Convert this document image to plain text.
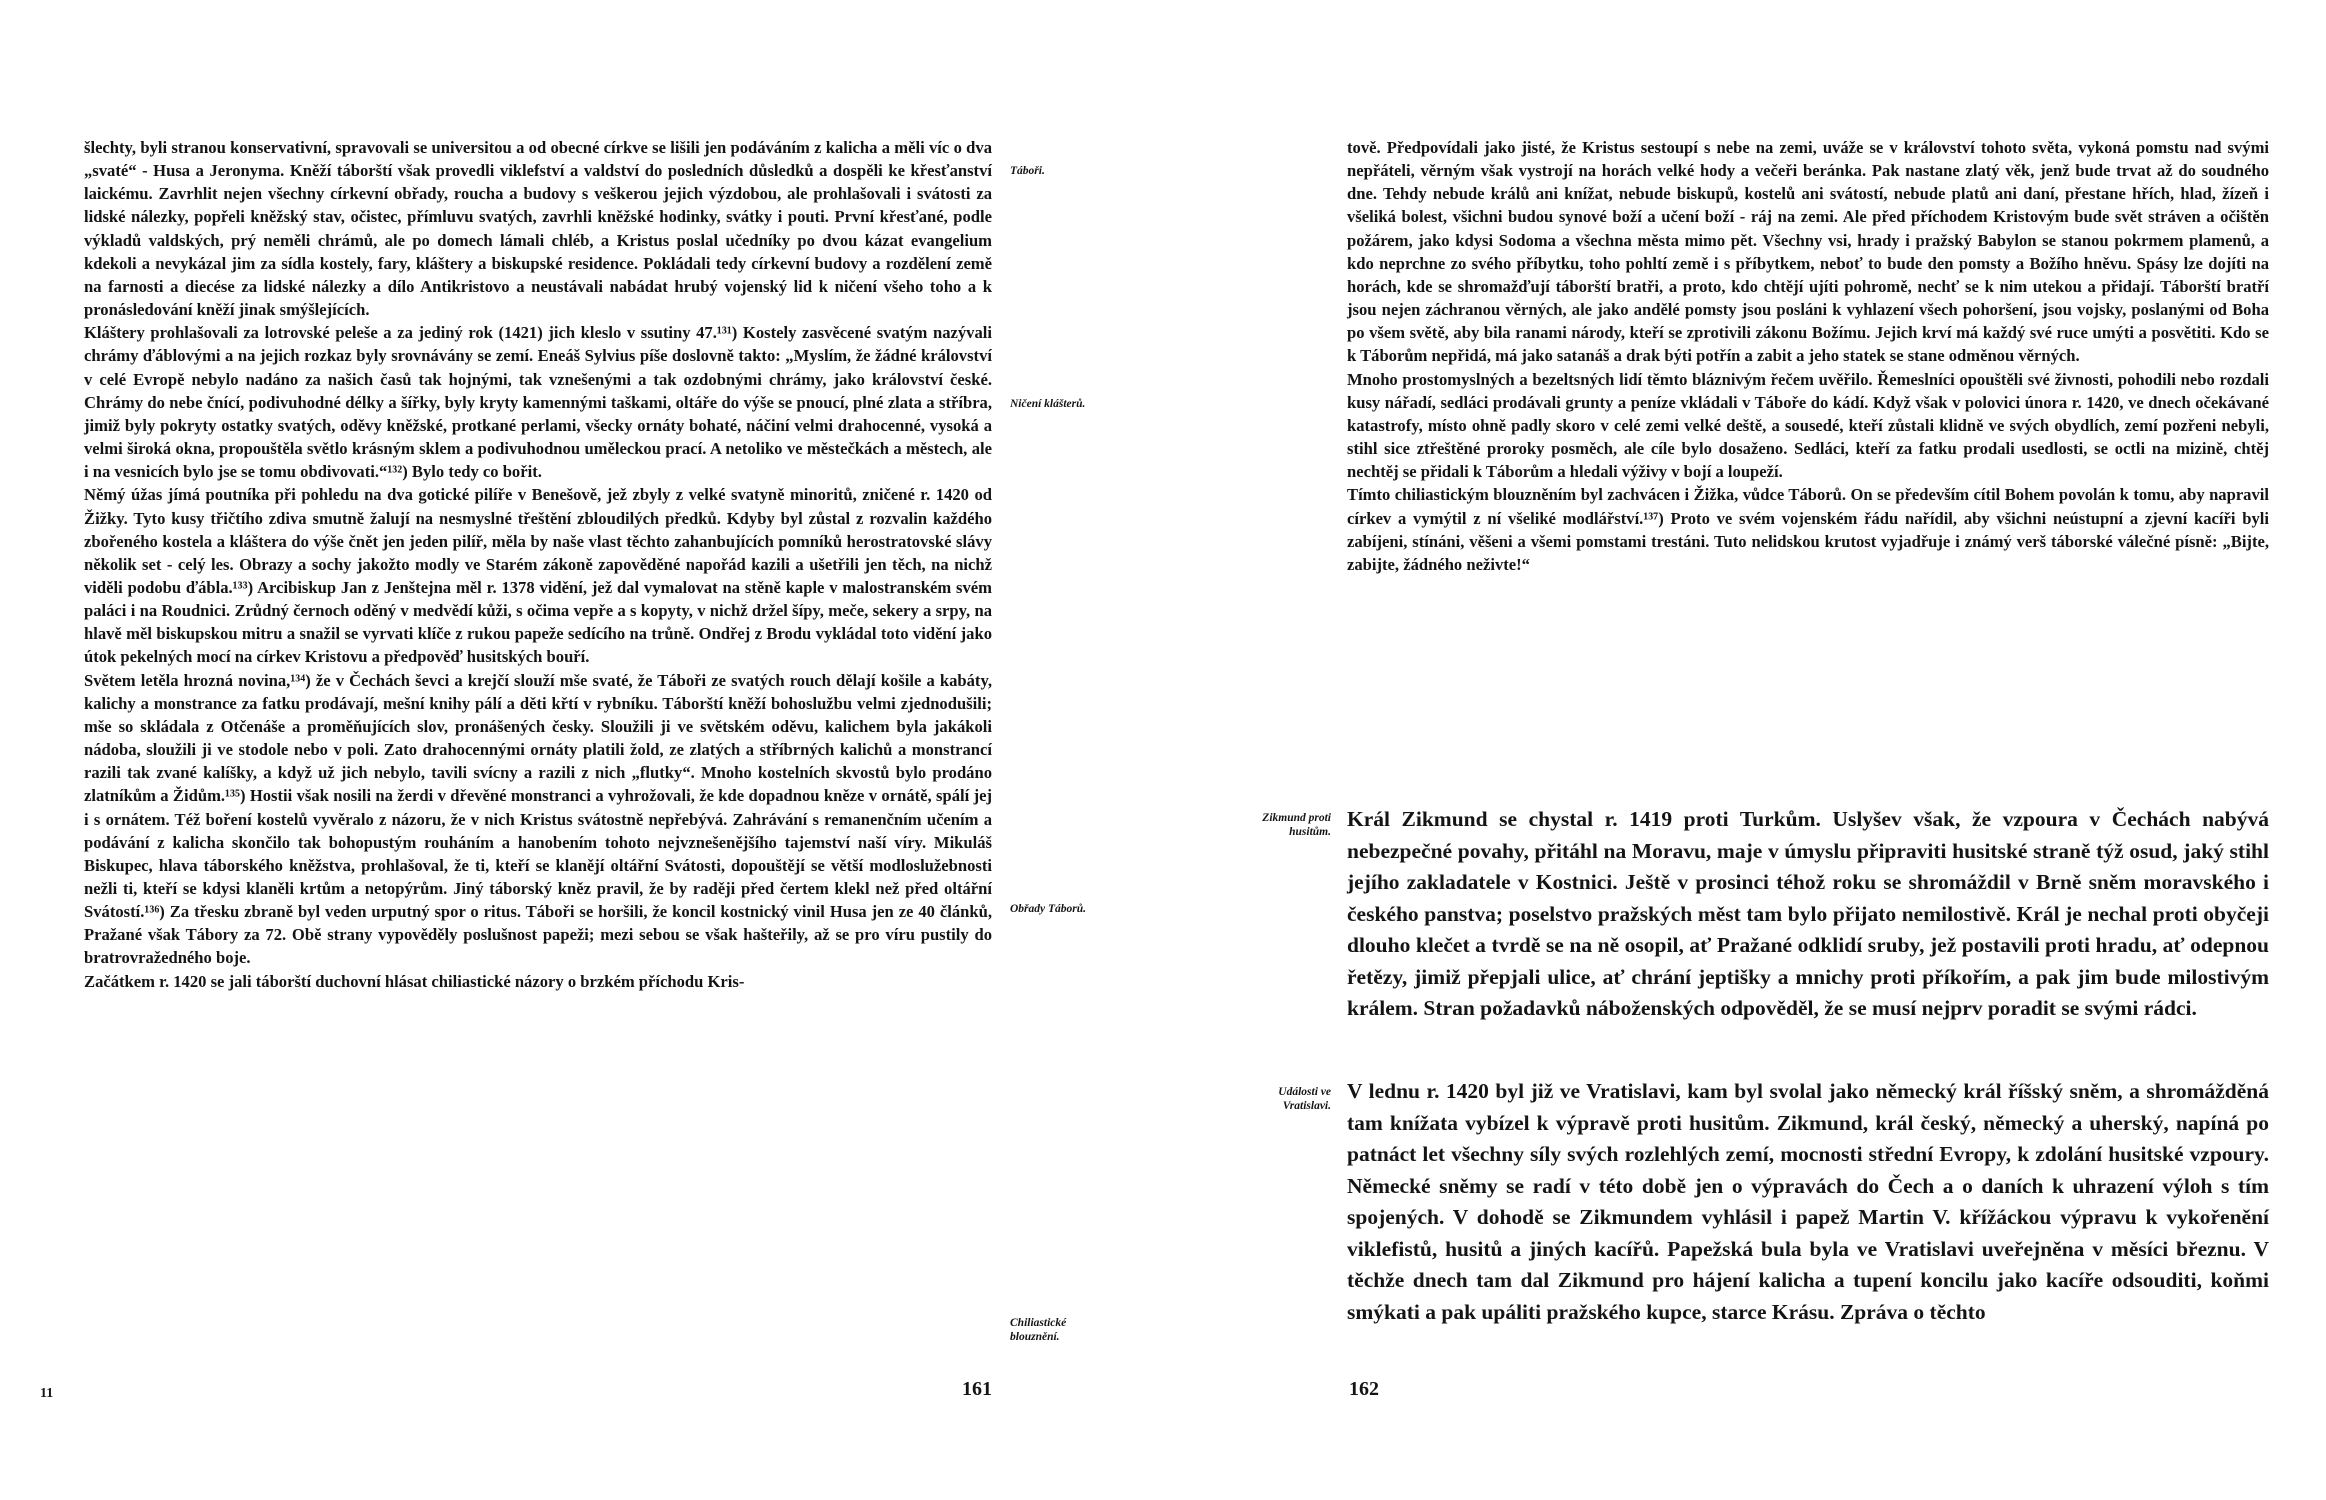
šlechty, byli stranou konservativní, spravovali se universitou a od obecné církve se lišili jen podáváním z kalicha a měli víc o dva „svaté“ - Husa a Jeronyma. Kněží táborští však provedli viklefství a valdství do posledních důsledků a dospěli ke křesťanství laickému. Zavrhlit nejen všechny církevní obřady, roucha a budovy s veškerou jejich výzdobou, ale prohlašovali i svátosti za lidské nálezky, popřeli kněžský stav, očistec, přímluvu svatých, zavrhli kněžské hodinky, svátky i pouti. První křesťané, podle výkladů valdských, prý neměli chrámů, ale po domech lámali chléb, a Kristus poslal učedníky po dvou kázat evangelium kdekoli a nevykázal jim za sídla kostely, fary, kláštery a biskupské residence. Pokládali tedy církevní budovy a rozdělení země na farnosti a diecése za lidské nálezky a dílo Antikristovo a neustávali nabádat hrubý vojenský lid k ničení všeho toho a k pronásledování kněží jinak smýšlejících.

Kláštery prohlašovali za lotrovské peleše a za jediný rok (1421) jich kleslo v ssutiny 47.¹³¹) Kostely zasvěcené svatým nazývali chrámy ďáblovými a na jejich rozkaz byly srovnávány se zemí. Eneáš Sylvius píše doslovně takto: „Myslím, že žádné království v celé Evropě nebylo nadáno za našich časů tak hojnými, tak vznešenými a tak ozdobnými chrámy, jako království české. Chrámy do nebe čnící, podivuhodné délky a šířky, byly kryty kamennými taškami, oltáře do výše se pnoucí, plné zlata a stříbra, jimiž byly pokryty ostatky svatých, oděvy kněžské, protkané perlami, všecky ornáty bohaté, náčiní velmi drahocenné, vysoká a velmi široká okna, propouštěla světlo krásným sklem a podivuhodnou uměleckou prací. A netoliko ve městečkách a městech, ale i na vesnicích bylo jse se tomu obdivovati.“¹³²) Bylo tedy co bořit.

Němý úžas jímá poutníka při pohledu na dva gotické pilíře v Benešově, jež zbyly z velké svatyně minoritů, zničené r. 1420 od Žižky. Tyto kusy třičtího zdiva smutně žalují na nesmyslné třeštění zbloudilých předků. Kdyby byl zůstal z rozvalin každého zbořeného kostela a kláštera do výše čnět jen jeden pilíř, měla by naše vlast těchto zahanbujících pomníků herostratovské slávy několik set - celý les. Obrazy a sochy jakožto modly ve Starém zákoně zapověděné napořád kazili a ušetřili jen těch, na nichž viděli podobu ďábla.¹³³) Arcibiskup Jan z Jenštejna měl r. 1378 vidění, jež dal vymalovat na stěně kaple v malostranském svém paláci i na Roudnici. Zrůdný černoch oděný v medvědí kůži, s očima vepře a s kopyty, v nichž držel šípy, meče, sekery a srpy, na hlavě měl biskupskou mitru a snažil se vyrvati klíče z rukou papeže sedícího na trůně. Ondřej z Brodu vykládal toto vidění jako útok pekelných mocí na církev Kristovu a předpověď husitských bouří.

Světem letěla hrozná novina,¹³⁴) že v Čechách ševci a krejčí slouží mše svaté, že Táboři ze svatých rouch dělají košile a kabáty, kalichy a monstrance za fatku prodávají, mešní knihy pálí a děti křtí v rybníku. Táborští kněží bohoslužbu velmi zjednodušili; mše so skládala z Otčenáše a proměňujících slov, pronášených česky. Sloužili ji ve světském oděvu, kalichem byla jakákoli nádoba, sloužili ji ve stodole nebo v poli. Zato drahocennými ornáty platili žold, ze zlatých a stříbrných kalichů a monstrancí razili tak zvané kalíšky, a když už jich nebylo, tavili svícny a razili z nich „flutky“. Mnoho kostelních skvostů bylo prodáno zlatníkům a Židům.¹³⁵) Hostii však nosili na žerdi v dřevěné monstranci a vyhrožovali, že kde dopadnou kněze v ornátě, spálí jej i s ornátem. Též boření kostelů vyvěralo z názoru, že v nich Kristus svátostně nepřebývá. Zahrávání s remanenčním učením a podávání z kalicha skončilo tak bohopustým rouháním a hanobením tohoto nejvznešenějšího tajemství naší víry. Mikuláš Biskupec, hlava táborského kněžstva, prohlašoval, že ti, kteří se klanějí oltářní Svátosti, dopouštějí se větší modloslužebnosti nežli ti, kteří se kdysi klaněli krtům a netopýrům. Jiný táborský kněz pravil, že by raději před čertem klekl než před oltářní Svátostí.¹³⁶) Za třesku zbraně byl veden urputný spor o ritus. Táboři se horšili, že koncil kostnický vinil Husa jen ze 40 článků, Pražané však Tábory za 72. Obě strany vypověděly poslušnost papeži; mezi sebou se však hašteřily, až se pro víru pustily do bratrovražedného boje.

Začátkem r. 1420 se jali táborští duchovní hlásat chiliastické názory o brzkém příchodu Kris-

Táboři.
Ničení klášterů.
Obřady Táborů.
Chiliastické blouznění.
11	161

tově. Předpovídali jako jisté, že Kristus sestoupí s nebe na zemi, uváže se v království tohoto světa, vykoná pomstu nad svými nepřáteli, věrným však vystrojí na horách velké hody a večeři beránka. Pak nastane zlatý věk, jenž bude trvat až do soudného dne. Tehdy nebude králů ani knížat, nebude biskupů, kostelů ani svátostí, nebude platů ani daní, přestane hřích, hlad, žízeň i všeliká bolest, všichni budou synové boží a učení boží - ráj na zemi. Ale před příchodem Kristovým bude svět stráven a očištěn požárem, jako kdysi Sodoma a všechna města mimo pět. Všechny vsi, hrady i pražský Babylon se stanou pokrmem plamenů, a kdo neprchne zo svého příbytku, toho pohltí země i s příbytkem, neboť to bude den pomsty a Božího hněvu. Spásy lze dojíti na horách, kde se shromažďují táborští bratři, a proto, kdo chtějí ujíti pohromě, nechť se k nim utekou a přidají. Táborští bratří jsou nejen záchranou věrných, ale jako andělé pomsty jsou posláni k vyhlazení všech pohoršení, jsou vojsky, poslanými od Boha po všem světě, aby bila ranami národy, kteří se zprotivili zákonu Božímu. Jejich krví má každý své ruce umýti a posvětiti. Kdo se k Táborům nepřidá, má jako satanáš a drak býti potřín a zabit a jeho statek se stane odměnou věrných.

Mnoho prostomyslných a bezeltsných lidí těmto bláznivým řečem uvěřilo. Řemeslníci opouštěli své živnosti, pohodili nebo rozdali kusy nářadí, sedláci prodávali grunty a peníze vkládali v Táboře do kádí. Když však v polovici února r. 1420, ve dnech očekávané katastrofy, místo ohně padly skoro v celé zemi velké deště, a sousedé, kteří zůstali klidně ve svých obydlích, zemí pozřeni nebyli, stihl sice ztřeštěné proroky posměch, ale cíle bylo dosaženo. Sedláci, kteří za fatku prodali usedlosti, se octli na mizině, chtěj nechtěj se přidali k Táborům a hledali výživy v bojí a loupeží.

Tímto chiliastickým blouzněním byl zachvácen i Žižka, vůdce Táborů. On se především cítil Bohem povolán k tomu, aby napravil církev a vymýtil z ní všeliké modlářství.¹³⁷) Proto ve svém vojenském řádu nařídil, aby všichni neústupní a zjevní kacíři byli zabíjeni, stínáni, věšeni a všemi pomstami trestáni. Tuto nelidskou krutost vyjadřuje i známý verš táborské válečné písně: „Bijte, zabijte, žádného neživte!“

Zikmund proti husitům.

Král Zikmund se chystal r. 1419 proti Turkům. Uslyšev však, že vzpoura v Čechách nabývá nebezpečné povahy, přitáhl na Moravu, maje v úmyslu připraviti husitské straně týž osud, jaký stihl jejího zakladatele v Kostnici. Ještě v prosinci téhož roku se shromáždil v Brně sněm moravského i českého panstva; poselstvo pražských měst tam bylo přijato nemilostivě. Král je nechal proti obyčeji dlouho klečet a tvrdě se na ně osopil, ať Pražané odklidí sruby, jež postavili proti hradu, ať odepnou řetězy, jimiž přepjali ulice, ať chrání jeptišky a mnichy proti příkořím, a pak jim bude milostivým králem. Stran požadavků náboženských odpověděl, že se musí nejprv poradit se svými rádci.

Události ve Vratislavi.

V lednu r. 1420 byl již ve Vratislavi, kam byl svolal jako německý král říšský sněm, a shromážděná tam knížata vybízel k výpravě proti husitům. Zikmund, král český, německý a uherský, napíná po patnáct let všechny síly svých rozlehlých zemí, mocnosti střední Evropy, k zdolání husitské vzpoury. Německé sněmy se radí v této době jen o výpravách do Čech a o daních k uhrazení výloh s tím spojených. V dohodě se Zikmundem vyhlásil i papež Martin V. křížáckou výpravu k vykořenění viklefistů, husitů a jiných kacířů. Papežská bula byla ve Vratislavi uveřejněna v měsíci březnu. V těchže dnech tam dal Zikmund pro hájení kalicha a tupení koncilu jako kacíře odsouditi, koňmi smýkati a pak upáliti pražského kupce, starce Krásu. Zpráva o těchto

162
